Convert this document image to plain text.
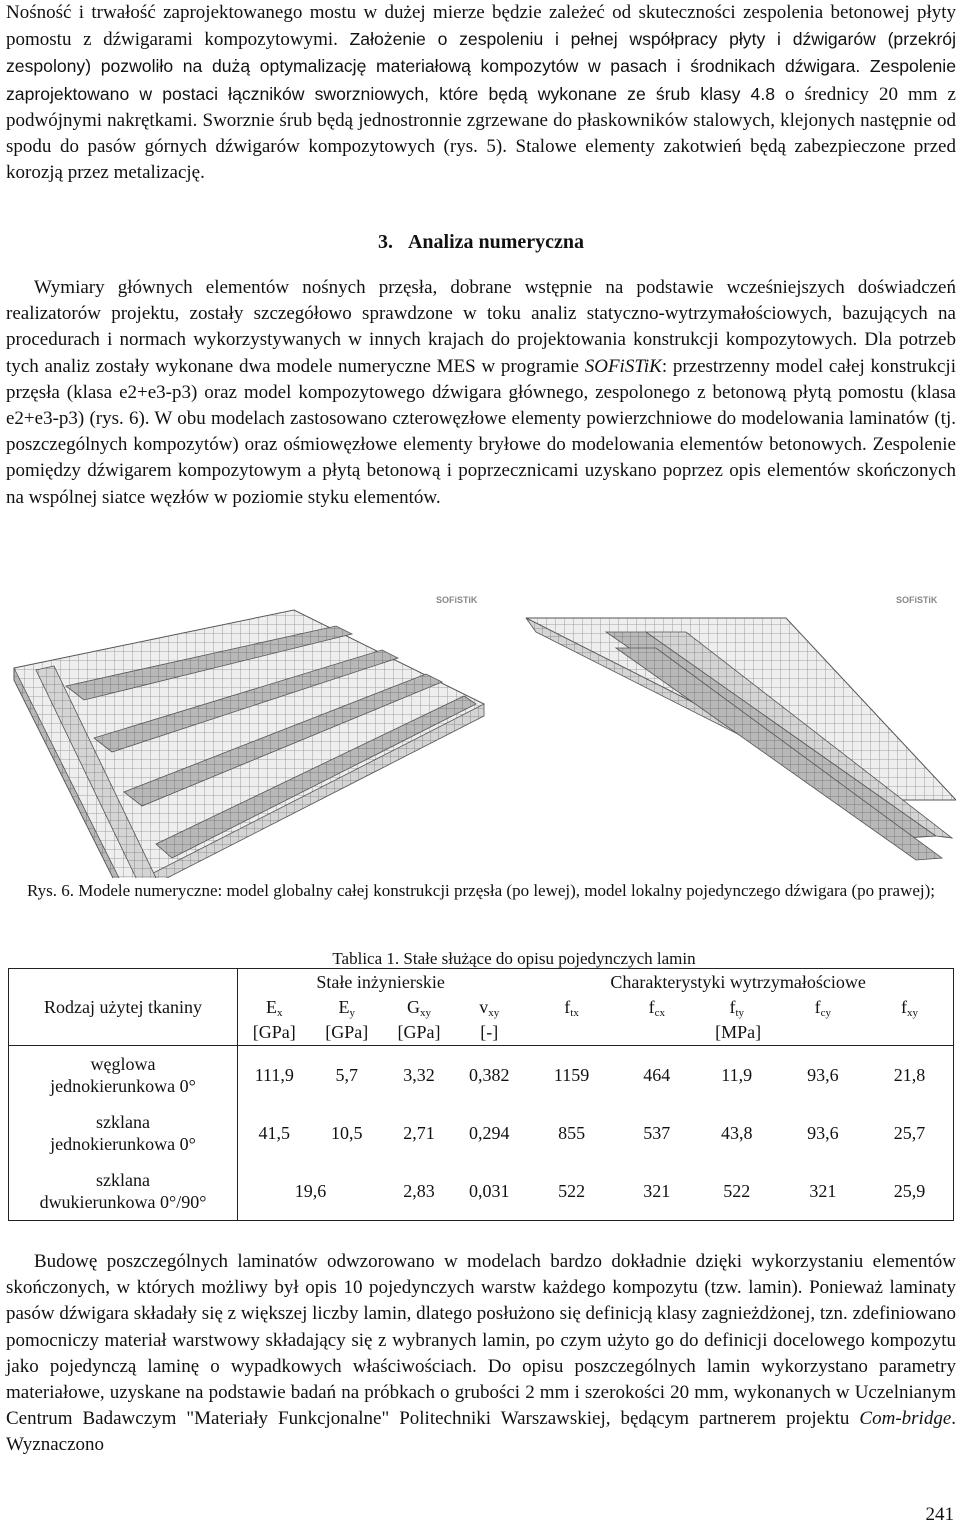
Nośność i trwałość zaprojektowanego mostu w dużej mierze będzie zależeć od skuteczności zespolenia betonowej płyty pomostu z dźwigarami kompozytowymi. Założenie o zespoleniu i pełnej współpracy płyty i dźwigarów (przekrój zespolony) pozwoliło na dużą optymalizację materiałową kompozytów w pasach i środnikach dźwigara. Zespolenie zaprojektowano w postaci łączników sworzniowych, które będą wykonane ze śrub klasy 4.8 o średnicy 20 mm z podwójnymi nakrętkami. Sworznie śrub będą jednostronnie zgrzewane do płaskowników stalowych, klejonych następnie od spodu do pasów górnych dźwigarów kompozytowych (rys. 5). Stalowe elementy zakotwień będą zabezpieczone przed korozją przez metalizację.

3.   Analiza numeryczna

Wymiary głównych elementów nośnych przęsła, dobrane wstępnie na podstawie wcześniejszych doświadczeń realizatorów projektu, zostały szczegółowo sprawdzone w toku analiz statyczno-wytrzymałościowych, bazujących na procedurach i normach wykorzystywanych w innych krajach do projektowania konstrukcji kompozytowych. Dla potrzeb tych analiz zostały wykonane dwa modele numeryczne MES w programie SOFiSTiK: przestrzenny model całej konstrukcji przęsła (klasa e2+e3-p3) oraz model kompozytowego dźwigara głównego, zespolonego z betonową płytą pomostu (klasa e2+e3-p3) (rys. 6). W obu modelach zastosowano czterowęzłowe elementy powierzchniowe do modelowania laminatów (tj. poszczególnych kompozytów) oraz ośmiowęzłowe elementy bryłowe do modelowania elementów betonowych. Zespolenie pomiędzy dźwigarem kompozytowym a płytą betonową i poprzecznicami uzyskano poprzez opis elementów skończonych na wspólnej siatce węzłów w poziomie styku elementów.

SOFiSTiK	SOFiSTiK
Rys. 6. Modele numeryczne: model globalny całej konstrukcji przęsła (po lewej), model lokalny pojedynczego dźwigara (po prawej);
Tablica 1. Stałe służące do opisu pojedynczych lamin
Rodzaj użytej tkaniny	Stałe inżynierskie				Charakterystyki wytrzymałościowe				
	$E_x$	$E_y$	$G_{xy}$	$v_{xy}$	$f_{tx}$	$f_{cx}$	$f_{ty}$	$f_{cy}$	$f_{xy}$
	[GPa]	[GPa]	[GPa]	[-]	[MPa]				
węglowa
jednokierunkowa 0°	111,9	5,7	3,32	0,382	1159	464	11,9	93,6	21,8
szklana
jednokierunkowa 0°	41,5	10,5	2,71	0,294	855	537	43,8	93,6	25,7
szklana
dwukierunkowa 0°/90°	19,6		2,83	0,031	522	321	522	321	25,9

Budowę poszczególnych laminatów odwzorowano w modelach bardzo dokładnie dzięki wykorzystaniu elementów skończonych, w których możliwy był opis 10 pojedynczych warstw każdego kompozytu (tzw. lamin). Ponieważ laminaty pasów dźwigara składały się z większej liczby lamin, dlatego posłużono się definicją klasy zagnieżdżonej, tzn. zdefiniowano pomocniczy materiał warstwowy składający się z wybranych lamin, po czym użyto go do definicji docelowego kompozytu jako pojedynczą laminę o wypadkowych właściwościach. Do opisu poszczególnych lamin wykorzystano parametry materiałowe, uzyskane na podstawie badań na próbkach o grubości 2 mm i szerokości 20 mm, wykonanych w Uczelnianym Centrum Badawczym "Materiały Funkcjonalne" Politechniki Warszawskiej, będącym partnerem projektu Com-bridge. Wyznaczono

241
